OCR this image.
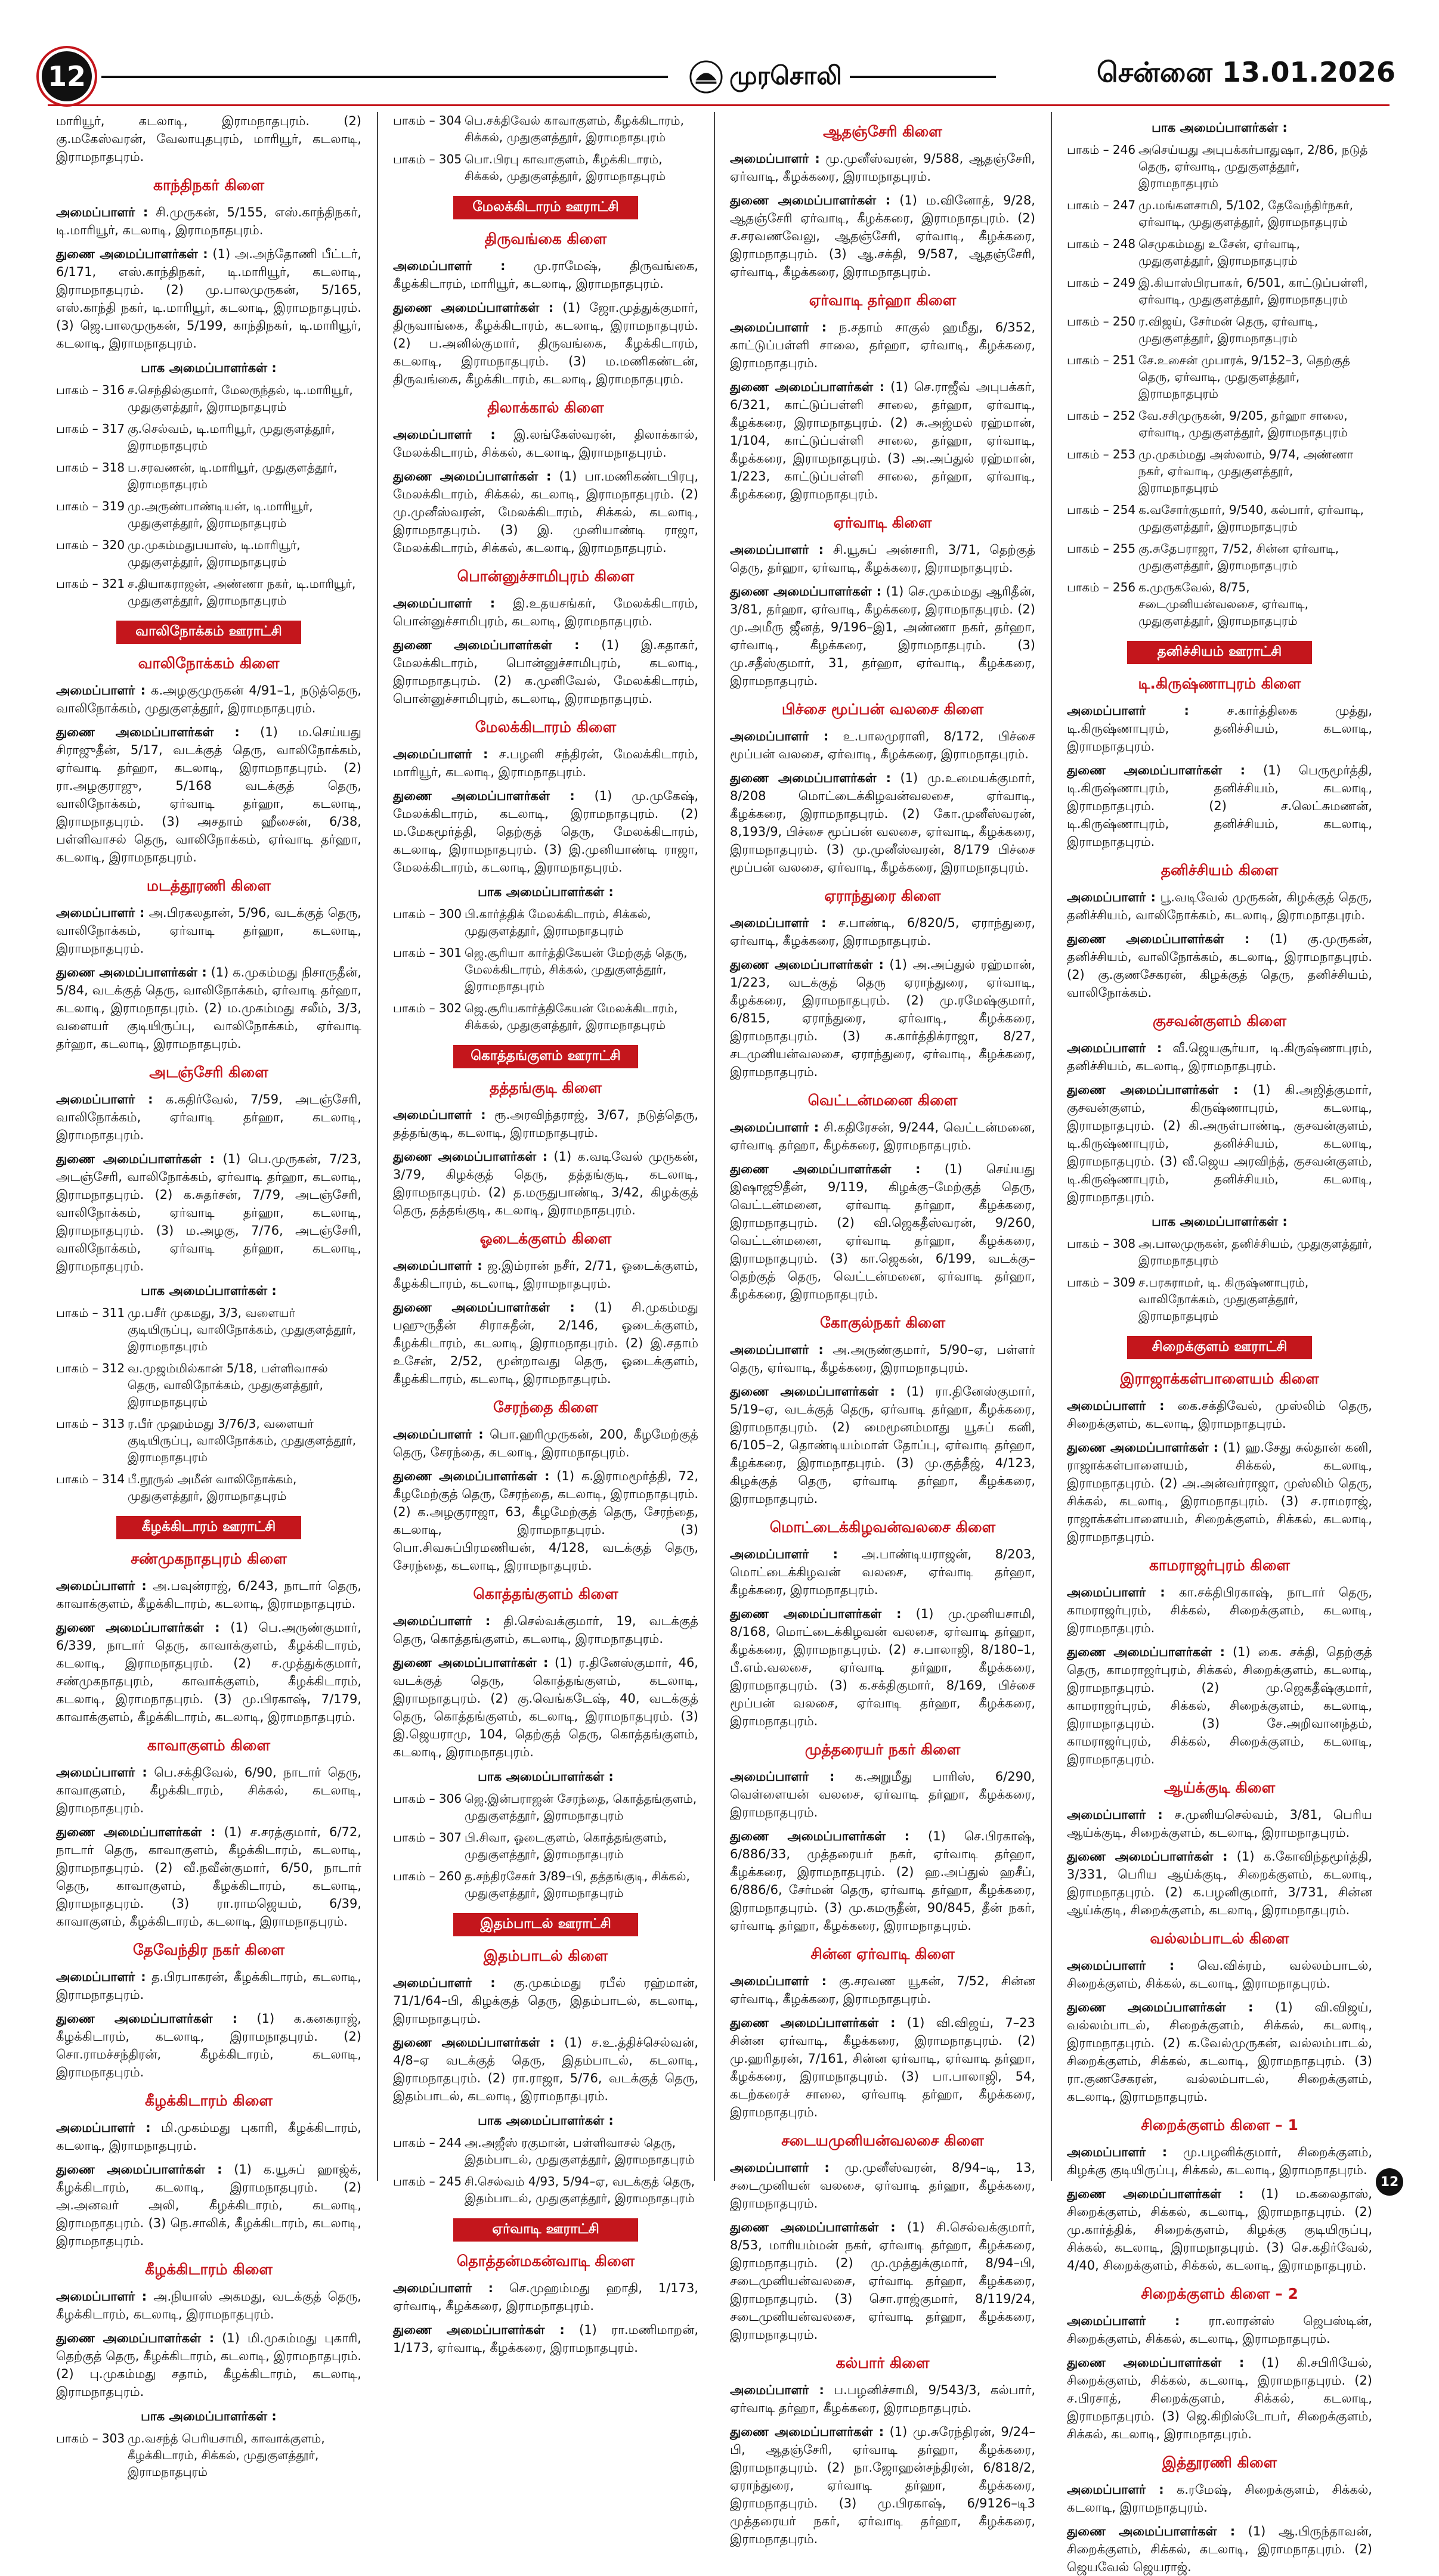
12	முரசொலி	சென்னை 13.01.2026

மாரியூர், கடலாடி, இராமநாதபுரம். (2) கு.மகேஸ்வரன், வேலாயுதபுரம், மாரியூர், கடலாடி, இராமநாதபுரம்.

காந்திநகர் கிளை

அமைப்பாளர் : சி.முருகன், 5/155, எஸ்.காந்திநகர், டி.மாரியூர், கடலாடி, இராமநாதபுரம்.

துணை அமைப்பாளர்கள் : (1) அ.அந்தோணி பீட்டர், 6/171, எஸ்.காந்திநகர், டி.மாரியூர், கடலாடி, இராமநாதபுரம். (2) மு.பாலமுருகன், 5/165, எஸ்.காந்தி நகர், டி.மாரியூர், கடலாடி, இராமநாதபுரம். (3) ஜெ.பாலமுருகன், 5/199, காந்திநகர், டி.மாரியூர், கடலாடி, இராமநாதபுரம்.

பாக அமைப்பாளர்கள் :
பாகம் – 316 ச.செந்தில்குமார், மேலருந்தல், டி.மாரியூர், முதுகுளத்தூர், இராமநாதபுரம்
பாகம் – 317 கு.செல்வம், டி.மாரியூர், முதுகுளத்தூர், இராமநாதபுரம்
பாகம் – 318 ப.சரவணன், டி.மாரியூர், முதுகுளத்தூர், இராமநாதபுரம்
பாகம் – 319 மு.அருண்பாண்டியன், டி.மாரியூர், முதுகுளத்தூர், இராமநாதபுரம்
பாகம் – 320 மு.முகம்மதுபயாஸ், டி.மாரியூர், முதுகுளத்தூர், இராமநாதபுரம்
பாகம் – 321 ச.தியாகராஜன், அண்ணா நகர், டி.மாரியூர், முதுகுளத்தூர், இராமநாதபுரம்
வாலிநோக்கம் ஊராட்சி
வாலிநோக்கம் கிளை

அமைப்பாளர் : க.அழகுமுருகன் 4/91–1, நடுத்தெரு, வாலிநோக்கம், முதுகுளத்தூர், இராமநாதபுரம்.

துணை அமைப்பாளர்கள் : (1) ம.செய்யது சிராஜுதீன், 5/17, வடக்குத் தெரு, வாலிநோக்கம், ஏர்வாடி தர்ஹா, கடலாடி, இராமநாதபுரம். (2) ரா.அழகுராஜு, 5/168 வடக்குத் தெரு, வாலிநோக்கம், ஏர்வாடி தர்ஹா, கடலாடி, இராமநாதபுரம். (3) அசதாம் ஹீசைன், 6/38, பள்ளிவாசல் தெரு, வாலிநோக்கம், ஏர்வாடி தர்ஹா, கடலாடி, இராமநாதபுரம்.

மடத்தூரணி கிளை

அமைப்பாளர் : அ.பிரகலதான், 5/96, வடக்குத் தெரு, வாலிநோக்கம், ஏர்வாடி தர்ஹா, கடலாடி, இராமநாதபுரம்.

துணை அமைப்பாளர்கள் : (1) க.முகம்மது நிசாருதீன், 5/84, வடக்குத் தெரு, வாலிநோக்கம், ஏர்வாடி தர்ஹா, கடலாடி, இராமநாதபுரம். (2) ம.முகம்மது சலீம், 3/3, வளையர் குடியிருப்பு, வாலிநோக்கம், ஏர்வாடி தர்ஹா, கடலாடி, இராமநாதபுரம்.

அடஞ்சேரி கிளை

அமைப்பாளர் : க.கதிர்வேல், 7/59, அடஞ்சேரி, வாலிநோக்கம், ஏர்வாடி தர்ஹா, கடலாடி, இராமநாதபுரம்.

துணை அமைப்பாளர்கள் : (1) பெ.முருகன், 7/23, அடஞ்சேரி, வாலிநோக்கம், ஏர்வாடி தர்ஹா, கடலாடி, இராமநாதபுரம். (2) க.சுதர்சன், 7/79, அடஞ்சேரி, வாலிநோக்கம், ஏர்வாடி தர்ஹா, கடலாடி, இராமநாதபுரம். (3) ம.அழகு, 7/76, அடஞ்சேரி, வாலிநோக்கம், ஏர்வாடி தர்ஹா, கடலாடி, இராமநாதபுரம்.

பாக அமைப்பாளர்கள் :
பாகம் – 311 மு.பசீர் முகமது, 3/3, வளையர் குடியிருப்பு, வாலிநோக்கம், முதுகுளத்தூர், இராமநாதபுரம்
பாகம் – 312 வ.முஜம்மில்கான் 5/18, பள்ளிவாசல் தெரு, வாலிநோக்கம், முதுகுளத்தூர், இராமநாதபுரம்
பாகம் – 313 ர.பீர் முஹம்மது 3/76/3, வளையர் குடியிருப்பு, வாலிநோக்கம், முதுகுளத்தூர், இராமநாதபுரம்
பாகம் – 314 பீ.நூருல் அமீன் வாலிநோக்கம், முதுகுளத்தூர், இராமநாதபுரம்
கீழக்கிடாரம் ஊராட்சி
சண்முகநாதபுரம் கிளை

அமைப்பாளர் : அ.பவுன்ராஜ், 6/243, நாடார் தெரு, காவாக்குளம், கீழக்கிடாரம், கடலாடி, இராமநாதபுரம்.

துணை அமைப்பாளர்கள் : (1) பெ.அருண்குமார், 6/339, நாடார் தெரு, காவாக்குளம், கீழக்கிடாரம், கடலாடி, இராமநாதபுரம். (2) ச.முத்துக்குமார், சண்முகநாதபுரம், காவாக்குளம், கீழக்கிடாரம், கடலாடி, இராமநாதபுரம். (3) மு.பிரகாஷ், 7/179, காவாக்குளம், கீழக்கிடாரம், கடலாடி, இராமநாதபுரம்.

காவாகுளம் கிளை

அமைப்பாளர் : பெ.சக்திவேல், 6/90, நாடார் தெரு, காவாகுளம், கீழக்கிடாரம், சிக்கல், கடலாடி, இராமநாதபுரம்.

துணை அமைப்பாளர்கள் : (1) ச.சரத்குமார், 6/72, நாடார் தெரு, காவாகுளம், கீழக்கிடாரம், கடலாடி, இராமநாதபுரம். (2) வீ.நவீன்குமார், 6/50, நாடார் தெரு, காவாகுளம், கீழக்கிடாரம், கடலாடி, இராமநாதபுரம். (3) ரா.ராமஜெயம், 6/39, காவாகுளம், கீழக்கிடாரம், கடலாடி, இராமநாதபுரம்.

தேவேந்திர நகர் கிளை

அமைப்பாளர் : த.பிரபாகரன், கீழக்கிடாரம், கடலாடி, இராமநாதபுரம்.

துணை அமைப்பாளர்கள் : (1) க.கனகராஜ், கீழக்கிடாரம், கடலாடி, இராமநாதபுரம். (2) சொ.ராமச்சந்திரன், கீழக்கிடாரம், கடலாடி, இராமநாதபுரம்.

கீழக்கிடாரம் கிளை

அமைப்பாளர் : மி.முகம்மது புகாரி, கீழக்கிடாரம், கடலாடி, இராமநாதபுரம்.

துணை அமைப்பாளர்கள் : (1) க.யூசுப் ஹாஜ்க், கீழக்கிடாரம், கடலாடி, இராமநாதபுரம். (2) அ.அனவர் அலி, கீழக்கிடாரம், கடலாடி, இராமநாதபுரம். (3) நெ.சாலிக், கீழக்கிடாரம், கடலாடி, இராமநாதபுரம்.

கீழக்கிடாரம் கிளை

அமைப்பாளர் : அ.நியாஸ் அகமது, வடக்குத் தெரு, கீழக்கிடாரம், கடலாடி, இராமநாதபுரம்.

துணை அமைப்பாளர்கள் : (1) மி.முகம்மது புகாரி, தெற்குத் தெரு, கீழக்கிடாரம், கடலாடி, இராமநாதபுரம். (2) பு.முகம்மது சதாம், கீழக்கிடாரம், கடலாடி, இராமநாதபுரம்.

பாக அமைப்பாளர்கள் :
பாகம் – 303 மு.வசந்த் பெரியசாமி, காவாக்குளம், கீழக்கிடாரம், சிக்கல், முதுகுளத்தூர், இராமநாதபுரம்
பாகம் – 304 பெ.சக்திவேல் காவாகுளம், கீழக்கிடாரம், சிக்கல், முதுகுளத்தூர், இராமநாதபுரம்
பாகம் – 305 பொ.பிரபு காவாகுளம், கீழக்கிடாரம், சிக்கல், முதுகுளத்தூர், இராமநாதபுரம்
மேலக்கிடாரம் ஊராட்சி
திருவங்கை கிளை

அமைப்பாளர் : மு.ராமேஷ், திருவங்கை, கீழக்கிடாரம், மாரியூர், கடலாடி, இராமநாதபுரம்.

துணை அமைப்பாளர்கள் : (1) ஜோ.முத்துக்குமார், திருவாங்கை, கீழக்கிடாரம், கடலாடி, இராமநாதபுரம். (2) ப.அனில்குமார், திருவங்கை, கீழக்கிடாரம், கடலாடி, இராமநாதபுரம். (3) ம.மணிகண்டன், திருவங்கை, கீழக்கிடாரம், கடலாடி, இராமநாதபுரம்.

திலாக்கால் கிளை

அமைப்பாளர் : இ.லங்கேஸ்வரன், திலாக்கால், மேலக்கிடாரம், சிக்கல், கடலாடி, இராமநாதபுரம்.

துணை அமைப்பாளர்கள் : (1) பா.மணிகண்டபிரபு, மேலக்கிடாரம், சிக்கல், கடலாடி, இராமநாதபுரம். (2) மு.முனீஸ்வரன், மேலக்கிடாரம், சிக்கல், கடலாடி, இராமநாதபுரம். (3) இ. முனியாண்டி ராஜா, மேலக்கிடாரம், சிக்கல், கடலாடி, இராமநாதபுரம்.

பொன்னுச்சாமிபுரம் கிளை

அமைப்பாளர் : இ.உதயசங்கர், மேலக்கிடாரம், பொன்னுச்சாமிபுரம், கடலாடி, இராமநாதபுரம்.

துணை அமைப்பாளர்கள் : (1) இ.கதாகர், மேலக்கிடாரம், பொன்னுச்சாமிபுரம், கடலாடி, இராமநாதபுரம். (2) க.முனிவேல், மேலக்கிடாரம், பொன்னுச்சாமிபுரம், கடலாடி, இராமநாதபுரம்.

மேலக்கிடாரம் கிளை

அமைப்பாளர் : ச.பழனி சந்திரன், மேலக்கிடாரம், மாரியூர், கடலாடி, இராமநாதபுரம்.

துணை அமைப்பாளர்கள் : (1) மு.முகேஷ், மேலக்கிடாரம், கடலாடி, இராமநாதபுரம். (2) ம.மேகமூர்த்தி, தெற்குத் தெரு, மேலக்கிடாரம், கடலாடி, இராமநாதபுரம். (3) இ.முனியாண்டி ராஜா, மேலக்கிடாரம், கடலாடி, இராமநாதபுரம்.

பாக அமைப்பாளர்கள் :
பாகம் – 300 பி.கார்த்திக் மேலக்கிடாரம், சிக்கல், முதுகுளத்தூர், இராமநாதபுரம்
பாகம் – 301 ஜெ.சூரியா கார்த்திகேயன் மேற்குத் தெரு, மேலக்கிடாரம், சிக்கல், முதுகுளத்தூர், இராமநாதபுரம்
பாகம் – 302 ஜெ.சூரியகார்த்திகேயன் மேலக்கிடாரம், சிக்கல், முதுகுளத்தூர், இராமநாதபுரம்
கொத்தங்குளம் ஊராட்சி
தத்தங்குடி கிளை

அமைப்பாளர் : ரூ.அரவிந்தராஜ், 3/67, நடுத்தெரு, தத்தங்குடி, கடலாடி, இராமநாதபுரம்.

துணை அமைப்பாளர்கள் : (1) க.வடிவேல் முருகன், 3/79, கிழக்குத் தெரு, தத்தங்குடி, கடலாடி, இராமநாதபுரம். (2) த.மருதுபாண்டி, 3/42, கிழக்குத் தெரு, தத்தங்குடி, கடலாடி, இராமநாதபுரம்.

ஓடைக்குளம் கிளை

அமைப்பாளர் : ஜ.இம்ரான் நசீர், 2/71, ஓடைக்குளம், கீழக்கிடாரம், கடலாடி, இராமநாதபுரம்.

துணை அமைப்பாளர்கள் : (1) சி.முகம்மது பஹுருதீன் சிராசுதீன், 2/146, ஓடைக்குளம், கீழக்கிடாரம், கடலாடி, இராமநாதபுரம். (2) இ.சதாம் உசேன், 2/52, மூன்றாவது தெரு, ஓடைக்குளம், கீழக்கிடாரம், கடலாடி, இராமநாதபுரம்.

சேரந்தை கிளை

அமைப்பாளர் : பொ.ஹரிமுருகன், 200, கீழமேற்குத் தெரு, சேரந்தை, கடலாடி, இராமநாதபுரம்.

துணை அமைப்பாளர்கள் : (1) க.இராமமூர்த்தி, 72, கீழமேற்குத் தெரு, சேரந்தை, கடலாடி, இராமநாதபுரம். (2) க.அழகுராஜா, 63, கீழமேற்குத் தெரு, சேரந்தை, கடலாடி, இராமநாதபுரம். (3) பொ.சிவசுப்பிரமணியன், 4/128, வடக்குத் தெரு, சேரந்தை, கடலாடி, இராமநாதபுரம்.

கொத்தங்குளம் கிளை

அமைப்பாளர் : தி.செல்வக்குமார், 19, வடக்குத் தெரு, கொத்தங்குளம், கடலாடி, இராமநாதபுரம்.

துணை அமைப்பாளர்கள் : (1) ர.தினேஸ்குமார், 46, வடக்குத் தெரு, கொத்தங்குளம், கடலாடி, இராமநாதபுரம். (2) கு.வெங்கடேஷ், 40, வடக்குத் தெரு, கொத்தங்குளம், கடலாடி, இராமநாதபுரம். (3) இ.ஜெயராமு, 104, தெற்குத் தெரு, கொத்தங்குளம், கடலாடி, இராமநாதபுரம்.

பாக அமைப்பாளர்கள் :
பாகம் – 306 ஜெ.இன்பராஜன் சேரந்தை, கொத்தங்குளம், முதுகுளத்தூர், இராமநாதபுரம்
பாகம் – 307 பி.சிவா, ஓடைகுளம், கொத்தங்குளம், முதுகுளத்தூர், இராமநாதபுரம்
பாகம் – 260 த.சந்திரசேகர் 3/89–பி, தத்தங்குடி, சிக்கல், முதுகுளத்தூர், இராமநாதபுரம்
இதம்பாடல் ஊராட்சி
இதம்பாடல் கிளை

அமைப்பாளர் : கு.முகம்மது ரபீல் ரஹ்மான், 71/1/64–பி, கிழக்குத் தெரு, இதம்பாடல், கடலாடி, இராமநாதபுரம்.

துணை அமைப்பாளர்கள் : (1) ச.உ.த்திச்செல்வன், 4/8–ஏ வடக்குத் தெரு, இதம்பாடல், கடலாடி, இராமநாதபுரம். (2) ரா.ராஜா, 5/76, வடக்குத் தெரு, இதம்பாடல், கடலாடி, இராமநாதபுரம்.

பாக அமைப்பாளர்கள் :
பாகம் – 244 அ.அஜீஸ் ரகுமான், பள்ளிவாசல் தெரு, இதம்பாடல், முதுகுளத்தூர், இராமநாதபுரம்
பாகம் – 245 சி.செல்வம் 4/93, 5/94–ஏ, வடக்குத் தெரு, இதம்பாடல், முதுகுளத்தூர், இராமநாதபுரம்
ஏர்வாடி ஊராட்சி
தொத்தன்மகன்வாடி கிளை

அமைப்பாளர் : செ.முஹம்மது ஹாதி, 1/173, ஏர்வாடி, கீழக்கரை, இராமநாதபுரம்.

துணை அமைப்பாளர்கள் : (1) ரா.மணிமாறன், 1/173, ஏர்வாடி, கீழக்கரை, இராமநாதபுரம்.

ஆதஞ்சேரி கிளை

அமைப்பாளர் : மு.முனீஸ்வரன், 9/588, ஆதஞ்சேரி, ஏர்வாடி, கீழக்கரை, இராமநாதபுரம்.

துணை அமைப்பாளர்கள் : (1) ம.வினோத், 9/28, ஆதஞ்சேரி ஏர்வாடி, கீழக்கரை, இராமநாதபுரம். (2) ச.சரவணவேலு, ஆதஞ்சேரி, ஏர்வாடி, கீழக்கரை, இராமநாதபுரம். (3) ஆ.சக்தி, 9/587, ஆதஞ்சேரி, ஏர்வாடி, கீழக்கரை, இராமநாதபுரம்.

ஏர்வாடி தர்ஹா கிளை

அமைப்பாளர் : ந.சதாம் சாகுல் ஹமீது, 6/352, காட்டுப்பள்ளி சாலை, தர்ஹா, ஏர்வாடி, கீழக்கரை, இராமநாதபுரம்.

துணை அமைப்பாளர்கள் : (1) செ.ராஜீவ் அபுபக்கர், 6/321, காட்டுப்பள்ளி சாலை, தர்ஹா, ஏர்வாடி, கீழக்கரை, இராமநாதபுரம். (2) சு.அஜ்மல் ரஹ்மான், 1/104, காட்டுப்பள்ளி சாலை, தர்ஹா, ஏர்வாடி, கீழக்கரை, இராமநாதபுரம். (3) அ.அப்துல் ரஹ்மான், 1/223, காட்டுப்பள்ளி சாலை, தர்ஹா, ஏர்வாடி, கீழக்கரை, இராமநாதபுரம்.

ஏர்வாடி கிளை

அமைப்பாளர் : சி.யூசுப் அன்சாரி, 3/71, தெற்குத் தெரு, தர்ஹா, ஏர்வாடி, கீழக்கரை, இராமநாதபுரம்.

துணை அமைப்பாளர்கள் : (1) செ.முகம்மது ஆரிதீன், 3/81, தர்ஹா, ஏர்வாடி, கீழக்கரை, இராமநாதபுரம். (2) மு.அமீரு ஜீனத், 9/196–இ1, அண்ணா நகர், தர்ஹா, ஏர்வாடி, கீழக்கரை, இராமநாதபுரம். (3) மு.சதீஸ்குமார், 31, தர்ஹா, ஏர்வாடி, கீழக்கரை, இராமநாதபுரம்.

பிச்சை மூப்பன் வலசை கிளை

அமைப்பாளர் : உ.பாலமுராளி, 8/172, பிச்சை மூப்பன் வலசை, ஏர்வாடி, கீழக்கரை, இராமநாதபுரம்.

துணை அமைப்பாளர்கள் : (1) மு.உமையக்குமார், 8/208 மொட்டைக்கிழவன்வலசை, ஏர்வாடி, கீழக்கரை, இராமநாதபுரம். (2) கோ.முனீஸ்வரன், 8,193/9, பிச்சை மூப்பன் வலசை, ஏர்வாடி, கீழக்கரை, இராமநாதபுரம். (3) மு.முனீஸ்வரன், 8/179 பிச்சை மூப்பன் வலசை, ஏர்வாடி, கீழக்கரை, இராமநாதபுரம்.

ஏராந்துரை கிளை

அமைப்பாளர் : ச.பாண்டி, 6/820/5, ஏராந்துரை, ஏர்வாடி, கீழக்கரை, இராமநாதபுரம்.

துணை அமைப்பாளர்கள் : (1) அ.அப்துல் ரஹ்மான், 1/223, வடக்குத் தெரு ஏராந்துரை, ஏர்வாடி, கீழக்கரை, இராமநாதபுரம். (2) மு.ரமேஷ்குமார், 6/815, ஏராந்துரை, ஏர்வாடி, கீழக்கரை, இராமநாதபுரம். (3) க.கார்த்திக்ராஜா, 8/27, சடமுனியன்வலசை, ஏராந்துரை, ஏர்வாடி, கீழக்கரை, இராமநாதபுரம்.

வெட்டன்மனை கிளை

அமைப்பாளர் : சி.கதிரேசன், 9/244, வெட்டன்மனை, ஏர்வாடி தர்ஹா, கீழக்கரை, இராமநாதபுரம்.

துணை அமைப்பாளர்கள் : (1) செய்யது இஷாஜூதீன், 9/119, கிழக்கு–மேற்குத் தெரு, வெட்டன்மனை, ஏர்வாடி தர்ஹா, கீழக்கரை, இராமநாதபுரம். (2) வி.ஜெகதீஸ்வரன், 9/260, வெட்டன்மனை, ஏர்வாடி தர்ஹா, கீழக்கரை, இராமநாதபுரம். (3) கா.ஜெகன், 6/199, வடக்கு–தெற்குத் தெரு, வெட்டன்மனை, ஏர்வாடி தர்ஹா, கீழக்கரை, இராமநாதபுரம்.

கோகுல்நகர் கிளை

அமைப்பாளர் : அ.அருண்குமார், 5/90–ஏ, பள்ளர் தெரு, ஏர்வாடி, கீழக்கரை, இராமநாதபுரம்.

துணை அமைப்பாளர்கள் : (1) ரா.தினேஸ்குமார், 5/19–ஏ, வடக்குத் தெரு, ஏர்வாடி தர்ஹா, கீழக்கரை, இராமநாதபுரம். (2) மைமூனம்மாது யூசுப் கனி, 6/105–2, தொண்டியம்மாள் தோப்பு, ஏர்வாடி தர்ஹா, கீழக்கரை, இராமநாதபுரம். (3) மு.குத்தீஜ், 4/123, கிழக்குத் தெரு, ஏர்வாடி தர்ஹா, கீழக்கரை, இராமநாதபுரம்.

மொட்டைக்கிழவன்வலசை கிளை

அமைப்பாளர் : அ.பாண்டியராஜன், 8/203, மொட்டைக்கிழவன் வலசை, ஏர்வாடி தர்ஹா, கீழக்கரை, இராமநாதபுரம்.

துணை அமைப்பாளர்கள் : (1) மு.முனியசாமி, 8/168, மொட்டைக்கிழவன் வலசை, ஏர்வாடி தர்ஹா, கீழக்கரை, இராமநாதபுரம். (2) ச.பாலாஜி, 8/180–1, பீ.எம்.வலசை, ஏர்வாடி தர்ஹா, கீழக்கரை, இராமநாதபுரம். (3) க.சக்திகுமார், 8/169, பிச்சை மூப்பன் வலசை, ஏர்வாடி தர்ஹா, கீழக்கரை, இராமநாதபுரம்.

முத்தரையர் நகர் கிளை

அமைப்பாளர் : க.அறுமீது பாரிஸ், 6/290, வெள்ளையன் வலசை, ஏர்வாடி தர்ஹா, கீழக்கரை, இராமநாதபுரம்.

துணை அமைப்பாளர்கள் : (1) செ.பிரகாஷ், 6/886/33, முத்தரையர் நகர், ஏர்வாடி தர்ஹா, கீழக்கரை, இராமநாதபுரம். (2) ஹ.அப்துல் ஹசீப், 6/886/6, சேர்மன் தெரு, ஏர்வாடி தர்ஹா, கீழக்கரை, இராமநாதபுரம். (3) மு.கமருதீன், 90/845, தீன் நகர், ஏர்வாடி தர்ஹா, கீழக்கரை, இராமநாதபுரம்.

சின்ன ஏர்வாடி கிளை

அமைப்பாளர் : கு.சரவண யூகன், 7/52, சின்ன ஏர்வாடி, கீழக்கரை, இராமநாதபுரம்.

துணை அமைப்பாளர்கள் : (1) வி.விஜய், 7–23 சின்ன ஏர்வாடி, கீழக்கரை, இராமநாதபுரம். (2) மு.ஹரிதரன், 7/161, சின்ன ஏர்வாடி, ஏர்வாடி தர்ஹா, கீழக்கரை, இராமநாதபுரம். (3) பா.பாலாஜி, 54, கடற்கரைச் சாலை, ஏர்வாடி தர்ஹா, கீழக்கரை, இராமநாதபுரம்.

சடையமுனியன்வலசை கிளை

அமைப்பாளர் : மு.முனீஸ்வரன், 8/94–டி, 13, சடைமுனியன் வலசை, ஏர்வாடி தர்ஹா, கீழக்கரை, இராமநாதபுரம்.

துணை அமைப்பாளர்கள் : (1) சி.செல்வக்குமார், 8/53, மாரியம்மன் நகர், ஏர்வாடி தர்ஹா, கீழக்கரை, இராமநாதபுரம். (2) மு.முத்துக்குமார், 8/94–பி, சடைமுனியன்வலசை, ஏர்வாடி தர்ஹா, கீழக்கரை, இராமநாதபுரம். (3) சொ.ராஜ்குமார், 8/119/24, சடைமுனியன்வலசை, ஏர்வாடி தர்ஹா, கீழக்கரை, இராமநாதபுரம்.

கல்பார் கிளை

அமைப்பாளர் : ப.பழனிச்சாமி, 9/543/3, கல்பார், ஏர்வாடி தர்ஹா, கீழக்கரை, இராமநாதபுரம்.

துணை அமைப்பாளர்கள் : (1) மு.சுரேந்திரன், 9/24–பி, ஆதஞ்சேரி, ஏர்வாடி தர்ஹா, கீழக்கரை, இராமநாதபுரம். (2) நா.ஜோஹன்சந்திரன், 6/818/2, ஏராந்துரை, ஏர்வாடி தர்ஹா, கீழக்கரை, இராமநாதபுரம். (3) மு.பிரகாஷ், 6/9126–டி3 முத்தரையர் நகர், ஏர்வாடி தர்ஹா, கீழக்கரை, இராமநாதபுரம்.

பாக அமைப்பாளர்கள் :
பாகம் – 246 அசெய்யது அபுபக்கர்பாதுஷா, 2/86, நடுத் தெரு, ஏர்வாடி, முதுகுளத்தூர், இராமநாதபுரம்
பாகம் – 247 மு.மங்களசாமி, 5/102, தேவேந்திர்நகர், ஏர்வாடி, முதுகுளத்தூர், இராமநாதபுரம்
பாகம் – 248 செமுகம்மது உசேன், ஏர்வாடி, முதுகுளத்தூர், இராமநாதபுரம்
பாகம் – 249 இ.கியாஸ்பிரபாகர், 6/501, காட்டுப்பள்ளி, ஏர்வாடி, முதுகுளத்தூர், இராமநாதபுரம்
பாகம் – 250 ர.விஜய், சேர்மன் தெரு, ஏர்வாடி, முதுகுளத்தூர், இராமநாதபுரம்
பாகம் – 251 சே.உசைன் முபாரக், 9/152–3, தெற்குத் தெரு, ஏர்வாடி, முதுகுளத்தூர், இராமநாதபுரம்
பாகம் – 252 வே.சசிமுருகன், 9/205, தர்ஹா சாலை, ஏர்வாடி, முதுகுளத்தூர், இராமநாதபுரம்
பாகம் – 253 மு.முகம்மது அஸ்லாம், 9/74, அண்ணா நகர், ஏர்வாடி, முதுகுளத்தூர், இராமநாதபுரம்
பாகம் – 254 க.வசோர்குமார், 9/540, கல்பார், ஏர்வாடி, முதுகுளத்தூர், இராமநாதபுரம்
பாகம் – 255 கு.சுதேபராஜா, 7/52, சின்ன ஏர்வாடி, முதுகுளத்தூர், இராமநாதபுரம்
பாகம் – 256 க.முருகவேல், 8/75, சடைமுனியன்வலசை, ஏர்வாடி, முதுகுளத்தூர், இராமநாதபுரம்
தனிச்சியம் ஊராட்சி
டி.கிருஷ்ணாபுரம் கிளை

அமைப்பாளர் :	ச.கார்த்திகை முத்து, டி.கிருஷ்ணாபுரம், தனிச்சியம், கடலாடி, இராமநாதபுரம்.

துணை அமைப்பாளர்கள் : (1) பெருமூர்த்தி, டி.கிருஷ்ணாபுரம், தனிச்சியம், கடலாடி, இராமநாதபுரம். (2) ச.லெட்சுமணன், டி.கிருஷ்ணாபுரம், தனிச்சியம், கடலாடி, இராமநாதபுரம்.

தனிச்சியம் கிளை

அமைப்பாளர் : பூ.வடிவேல் முருகன், கிழக்குத் தெரு, தனிச்சியம், வாலிநோக்கம், கடலாடி, இராமநாதபுரம்.

துணை அமைப்பாளர்கள் : (1) கு.முருகன், தனிச்சியம், வாலிநோக்கம், கடலாடி, இராமநாதபுரம். (2) கு.குணசேகரன், கிழக்குத் தெரு, தனிச்சியம், வாலிநோக்கம்.

குசவன்குளம் கிளை

அமைப்பாளர் : வீ.ஜெயசூர்யா, டி.கிருஷ்ணாபுரம், தனிச்சியம், கடலாடி, இராமநாதபுரம்.

துணை அமைப்பாளர்கள் : (1) கி.அஜித்குமார், குசவன்குளம், கிருஷ்ணாபுரம், கடலாடி, இராமநாதபுரம். (2) கி.அருள்பாண்டி, குசவன்குளம், டி.கிருஷ்ணாபுரம், தனிச்சியம், கடலாடி, இராமநாதபுரம். (3) வீ.ஜெய அரவிந்த், குசவன்குளம், டி.கிருஷ்ணாபுரம், தனிச்சியம், கடலாடி, இராமநாதபுரம்.

பாக அமைப்பாளர்கள் :
பாகம் – 308 அ.பாலமுருகன், தனிச்சியம், முதுகுளத்தூர், இராமநாதபுரம்
பாகம் – 309 ச.பரசுராமர், டி. கிருஷ்ணாபுரம், வாலிநோக்கம், முதுகுளத்தூர், இராமநாதபுரம்
சிறைக்குளம் ஊராட்சி
இராஜாக்கள்பாளையம் கிளை

அமைப்பாளர் : கை.சக்திவேல், முஸ்லிம் தெரு, சிறைக்குளம், கடலாடி, இராமநாதபுரம்.

துணை அமைப்பாளர்கள் : (1) ஹ.சேது சுல்தான் கனி, ராஜாக்கள்பாளையம், சிக்கல், கடலாடி, இராமநாதபுரம். (2) அ.அன்வர்ராஜா, முஸ்லிம் தெரு, சிக்கல், கடலாடி, இராமநாதபுரம். (3) ச.ராமராஜ், ராஜாக்கள்பாளையம், சிறைக்குளம், சிக்கல், கடலாடி, இராமநாதபுரம்.

காமராஜர்புரம் கிளை

அமைப்பாளர் : கா.சக்திபிரகாஷ், நாடார் தெரு, காமராஜர்புரம், சிக்கல், சிறைக்குளம், கடலாடி, இராமநாதபுரம்.

துணை அமைப்பாளர்கள் : (1) கை. சக்தி, தெற்குத் தெரு, காமராஜர்புரம், சிக்கல், சிறைக்குளம், கடலாடி, இராமநாதபுரம். (2) மு.ஜெகதீஷ்குமார், காமராஜர்புரம், சிக்கல், சிறைக்குளம், கடலாடி, இராமநாதபுரம். (3) சே.அறிவானந்தம், காமராஜர்புரம், சிக்கல், சிறைக்குளம், கடலாடி, இராமநாதபுரம்.

ஆய்க்குடி கிளை

அமைப்பாளர் : ச.முனியசெல்வம், 3/81, பெரிய ஆய்க்குடி, சிறைக்குளம், கடலாடி, இராமநாதபுரம்.

துணை அமைப்பாளர்கள் : (1) க.கோவிந்தமூர்த்தி, 3/331, பெரிய ஆய்க்குடி, சிறைக்குளம், கடலாடி, இராமநாதபுரம். (2) க.பழனிகுமார், 3/731, சின்ன ஆய்க்குடி, சிறைக்குளம், கடலாடி, இராமநாதபுரம்.

வல்லம்பாடல் கிளை

அமைப்பாளர் : வெ.விக்ரம், வல்லம்பாடல், சிறைக்குளம், சிக்கல், கடலாடி, இராமநாதபுரம்.

துணை அமைப்பாளர்கள் : (1) வி.விஜய், வல்லம்பாடல், சிறைக்குளம், சிக்கல், கடலாடி, இராமநாதபுரம். (2) க.வேல்முருகன், வல்லம்பாடல், சிறைக்குளம், சிக்கல், கடலாடி, இராமநாதபுரம். (3) ரா.குணசேகரன், வல்லம்பாடல், சிறைக்குளம், கடலாடி, இராமநாதபுரம்.

சிறைக்குளம் கிளை – 1

அமைப்பாளர் : மு.பழனிக்குமார், சிறைக்குளம், கிழக்கு குடியிருப்பு, சிக்கல், கடலாடி, இராமநாதபுரம்.

துணை அமைப்பாளர்கள் : (1) ம.கலைதாஸ், சிறைக்குளம், சிக்கல், கடலாடி, இராமநாதபுரம். (2) மு.கார்த்திக், சிறைக்குளம், கிழக்கு குடியிருப்பு, சிக்கல், கடலாடி, இராமநாதபுரம். (3) செ.கதிர்வேல், 4/40, சிறைக்குளம், சிக்கல், கடலாடி, இராமநாதபுரம்.

சிறைக்குளம் கிளை – 2

அமைப்பாளர் : ரா.லாரன்ஸ் ஜெபஸ்டின், சிறைக்குளம், சிக்கல், கடலாடி, இராமநாதபுரம்.

துணை அமைப்பாளர்கள் : (1) கி.சபிரியேல், சிறைக்குளம், சிக்கல், கடலாடி, இராமநாதபுரம். (2) ச.பிரசாத், சிறைக்குளம், சிக்கல், கடலாடி, இராமநாதபுரம். (3) ஜெ.கிறிஸ்டோபர், சிறைக்குளம், சிக்கல், கடலாடி, இராமநாதபுரம்.

இத்தூரணி கிளை

அமைப்பாளர் : க.ரமேஷ், சிறைக்குளம், சிக்கல், கடலாடி, இராமநாதபுரம்.

துணை அமைப்பாளர்கள் : (1) ஆ.பிருந்தாவன், சிறைக்குளம், சிக்கல், கடலாடி, இராமநாதபுரம். (2) ஜெயவேல் ஜெயராஜ்.

12
